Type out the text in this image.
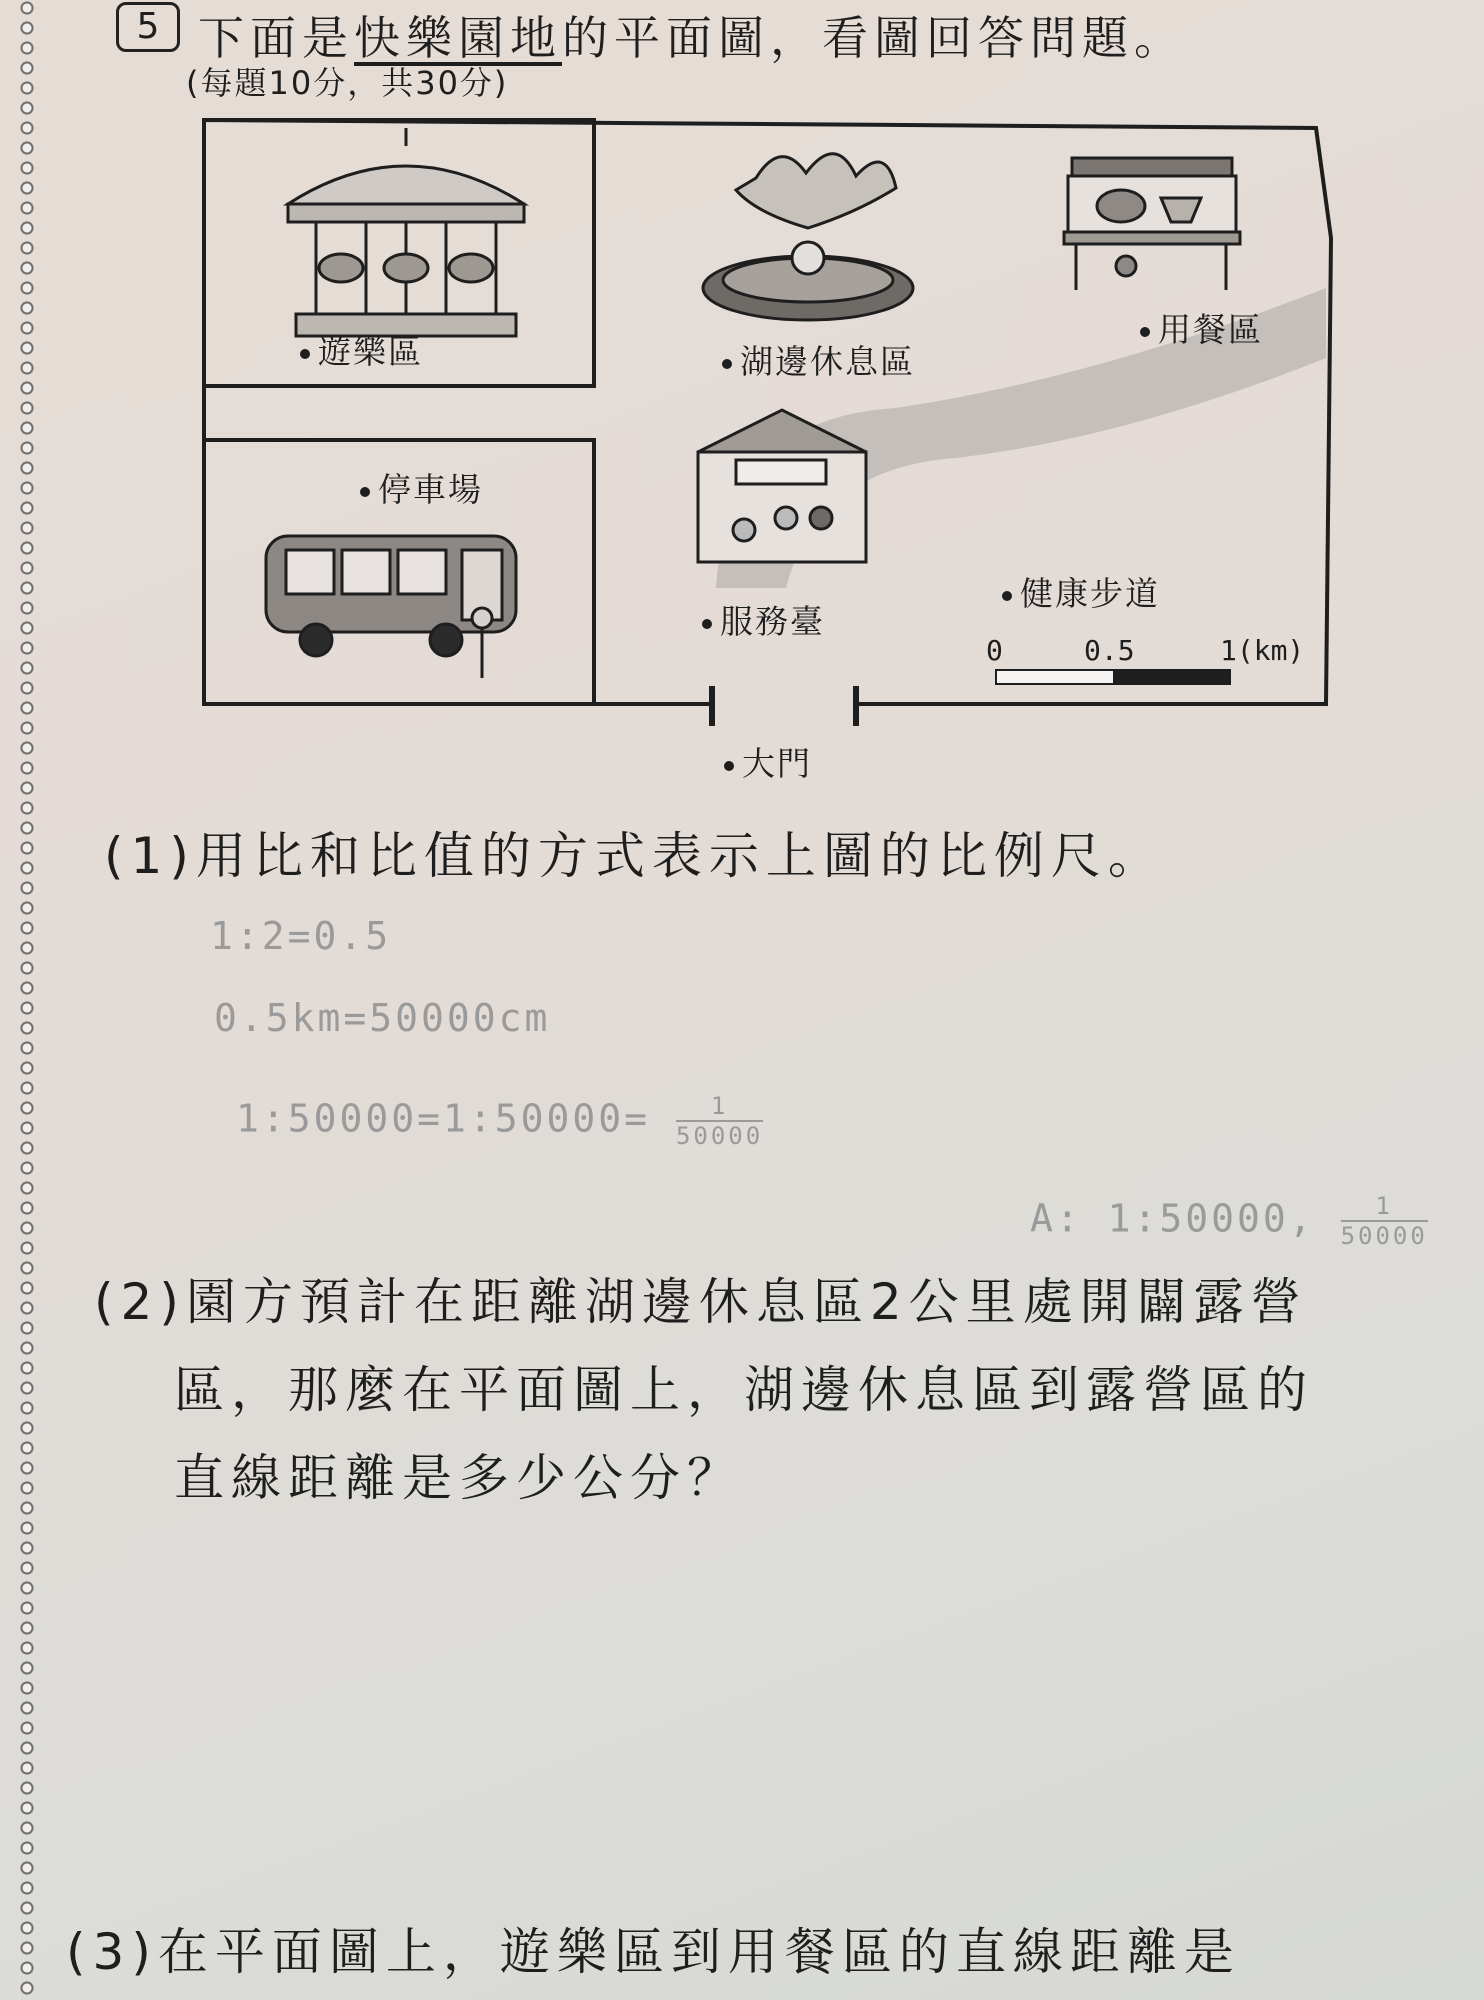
5 下面是快樂園地的平面圖，看圖回答問題。
(每題10分，共30分)
遊樂區	湖邊休息區
用餐區
停車場
服務臺
健康步道
大門
0	0.5	1(km)
(1)用比和比值的方式表示上圖的比例尺。
1:2=0.5
0.5km=50000cm
1:50000=1:50000= $\frac{1}{50000}$
A: 1:50000, $\frac{1}{50000}$
(2)園方預計在距離湖邊休息區2公里處開闢露營
區，那麼在平面圖上，湖邊休息區到露營區的
直線距離是多少公分？
(3)在平面圖上，遊樂區到用餐區的直線距離是
